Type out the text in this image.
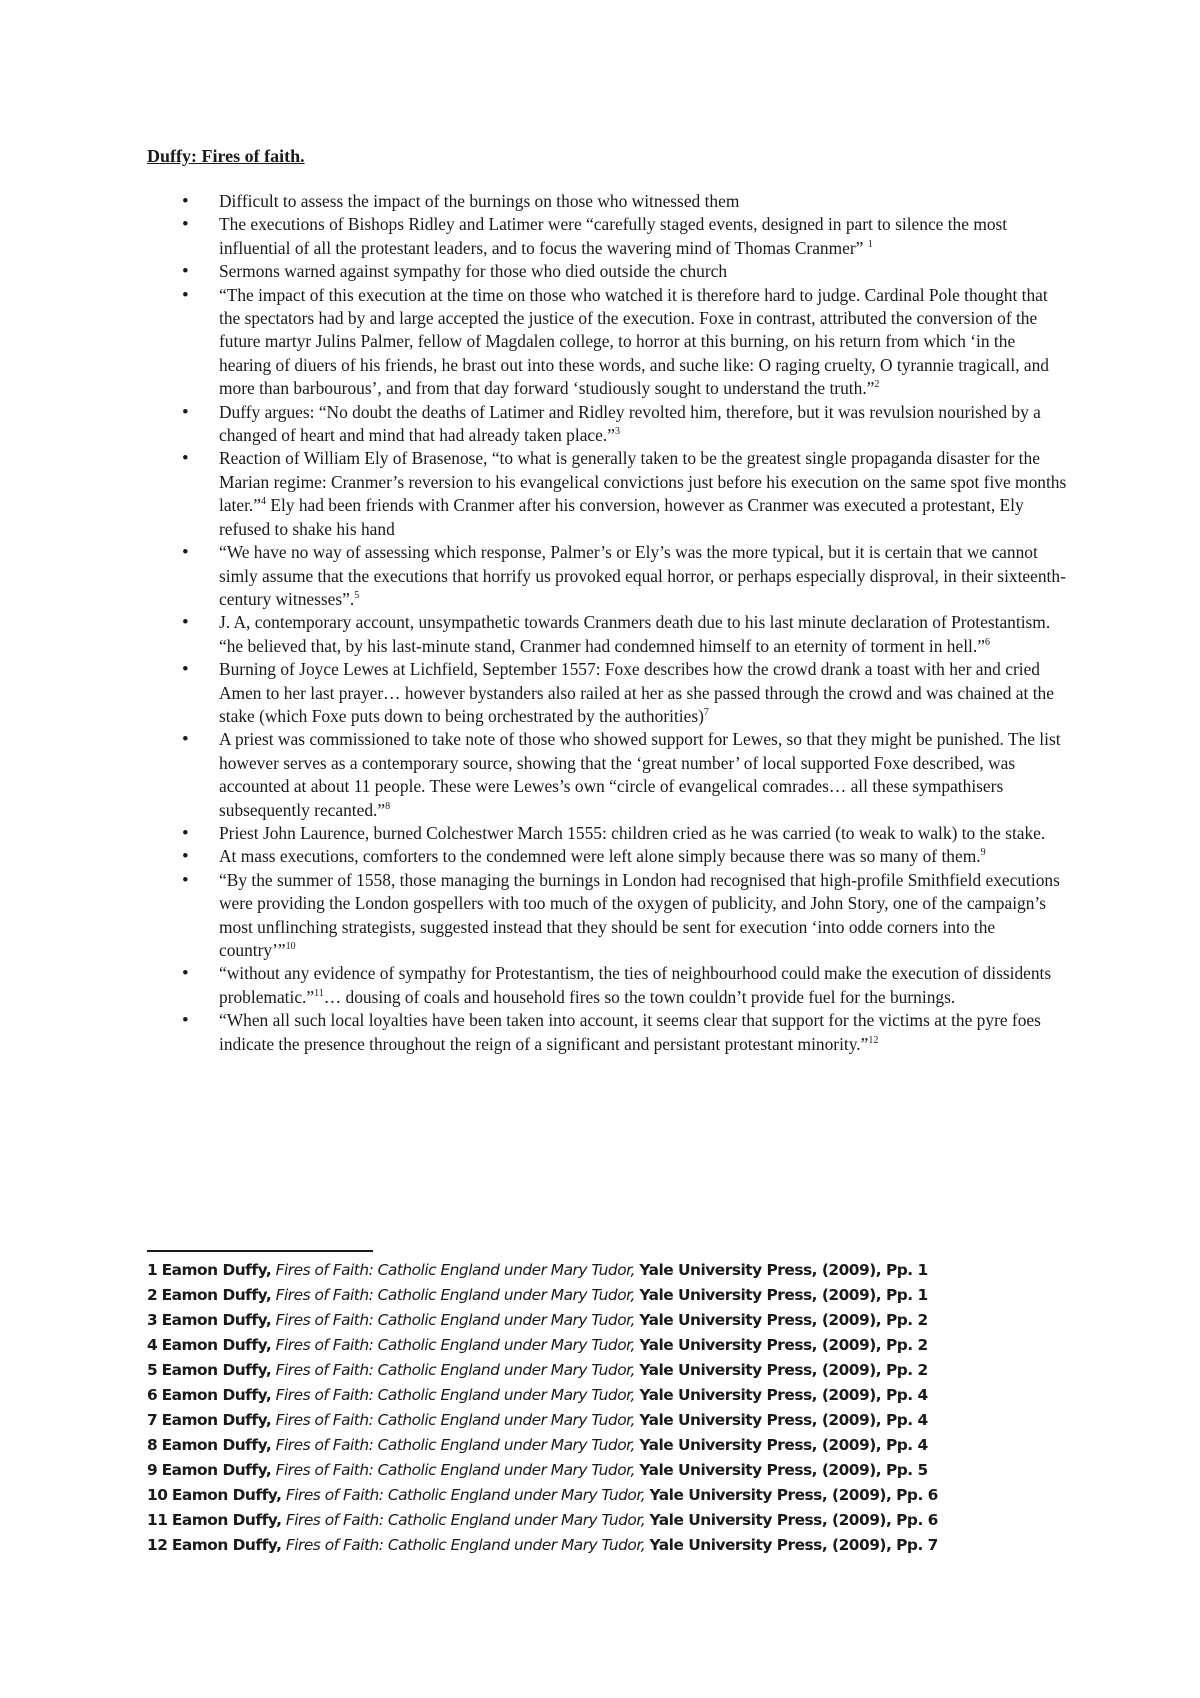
Duffy: Fires of faith.
• Difficult to assess the impact of the burnings on those who witnessed them
• The executions of Bishops Ridley and Latimer were “carefully staged events, designed in part to silence the most influential of all the protestant leaders, and to focus the wavering mind of Thomas Cranmer” $^1$
• Sermons warned against sympathy for those who died outside the church
• “The impact of this execution at the time on those who watched it is therefore hard to judge. Cardinal Pole thought that the spectators had by and large accepted the justice of the execution. Foxe in contrast, attributed the conversion of the future martyr Julins Palmer, fellow of Magdalen college, to horror at this burning, on his return from which ‘in the hearing of diuers of his friends, he brast out into these words, and suche like: O raging cruelty, O tyrannie tragicall, and more than barbourous’, and from that day forward ‘studiously sought to understand the truth.”$^2$
• Duffy argues: “No doubt the deaths of Latimer and Ridley revolted him, therefore, but it was revulsion nourished by a changed of heart and mind that had already taken place.”$^3$
• Reaction of William Ely of Brasenose, “to what is generally taken to be the greatest single propaganda disaster for the Marian regime: Cranmer’s reversion to his evangelical convictions just before his execution on the same spot five months later.”$^4$ Ely had been friends with Cranmer after his conversion, however as Cranmer was executed a protestant, Ely refused to shake his hand
• “We have no way of assessing which response, Palmer’s or Ely’s was the more typical, but it is certain that we cannot simly assume that the executions that horrify us provoked equal horror, or perhaps especially disproval, in their sixteenth-century witnesses”.$^5$
• J. A, contemporary account, unsympathetic towards Cranmers death due to his last minute declaration of Protestantism. “he believed that, by his last-minute stand, Cranmer had condemned himself to an eternity of torment in hell.”$^6$
• Burning of Joyce Lewes at Lichfield, September 1557: Foxe describes how the crowd drank a toast with her and cried Amen to her last prayer… however bystanders also railed at her as she passed through the crowd and was chained at the stake (which Foxe puts down to being orchestrated by the authorities)$^7$
• A priest was commissioned to take note of those who showed support for Lewes, so that they might be punished. The list however serves as a contemporary source, showing that the ‘great number’ of local supported Foxe described, was accounted at about 11 people. These were Lewes’s own “circle of evangelical comrades… all these sympathisers subsequently recanted.”$^8$
• Priest John Laurence, burned Colchestwer March 1555: children cried as he was carried (to weak to walk) to the stake.
• At mass executions, comforters to the condemned were left alone simply because there was so many of them.$^9$
• “By the summer of 1558, those managing the burnings in London had recognised that high-profile Smithfield executions were providing the London gospellers with too much of the oxygen of publicity, and John Story, one of the campaign’s most unflinching strategists, suggested instead that they should be sent for execution ‘into odde corners into the country’”$^{10}$
• “without any evidence of sympathy for Protestantism, the ties of neighbourhood could make the execution of dissidents problematic.”$^{11}$… dousing of coals and household fires so the town couldn’t provide fuel for the burnings.
• “When all such local loyalties have been taken into account, it seems clear that support for the victims at the pyre foes indicate the presence throughout the reign of a significant and persistant protestant minority.”$^{12}$
1 Eamon Duffy, Fires of Faith: Catholic England under Mary Tudor, Yale University Press, (2009), Pp. 1
2 Eamon Duffy, Fires of Faith: Catholic England under Mary Tudor, Yale University Press, (2009), Pp. 1
3 Eamon Duffy, Fires of Faith: Catholic England under Mary Tudor, Yale University Press, (2009), Pp. 2
4 Eamon Duffy, Fires of Faith: Catholic England under Mary Tudor, Yale University Press, (2009), Pp. 2
5 Eamon Duffy, Fires of Faith: Catholic England under Mary Tudor, Yale University Press, (2009), Pp. 2
6 Eamon Duffy, Fires of Faith: Catholic England under Mary Tudor, Yale University Press, (2009), Pp. 4
7 Eamon Duffy, Fires of Faith: Catholic England under Mary Tudor, Yale University Press, (2009), Pp. 4
8 Eamon Duffy, Fires of Faith: Catholic England under Mary Tudor, Yale University Press, (2009), Pp. 4
9 Eamon Duffy, Fires of Faith: Catholic England under Mary Tudor, Yale University Press, (2009), Pp. 5
10 Eamon Duffy, Fires of Faith: Catholic England under Mary Tudor, Yale University Press, (2009), Pp. 6
11 Eamon Duffy, Fires of Faith: Catholic England under Mary Tudor, Yale University Press, (2009), Pp. 6
12 Eamon Duffy, Fires of Faith: Catholic England under Mary Tudor, Yale University Press, (2009), Pp. 7
